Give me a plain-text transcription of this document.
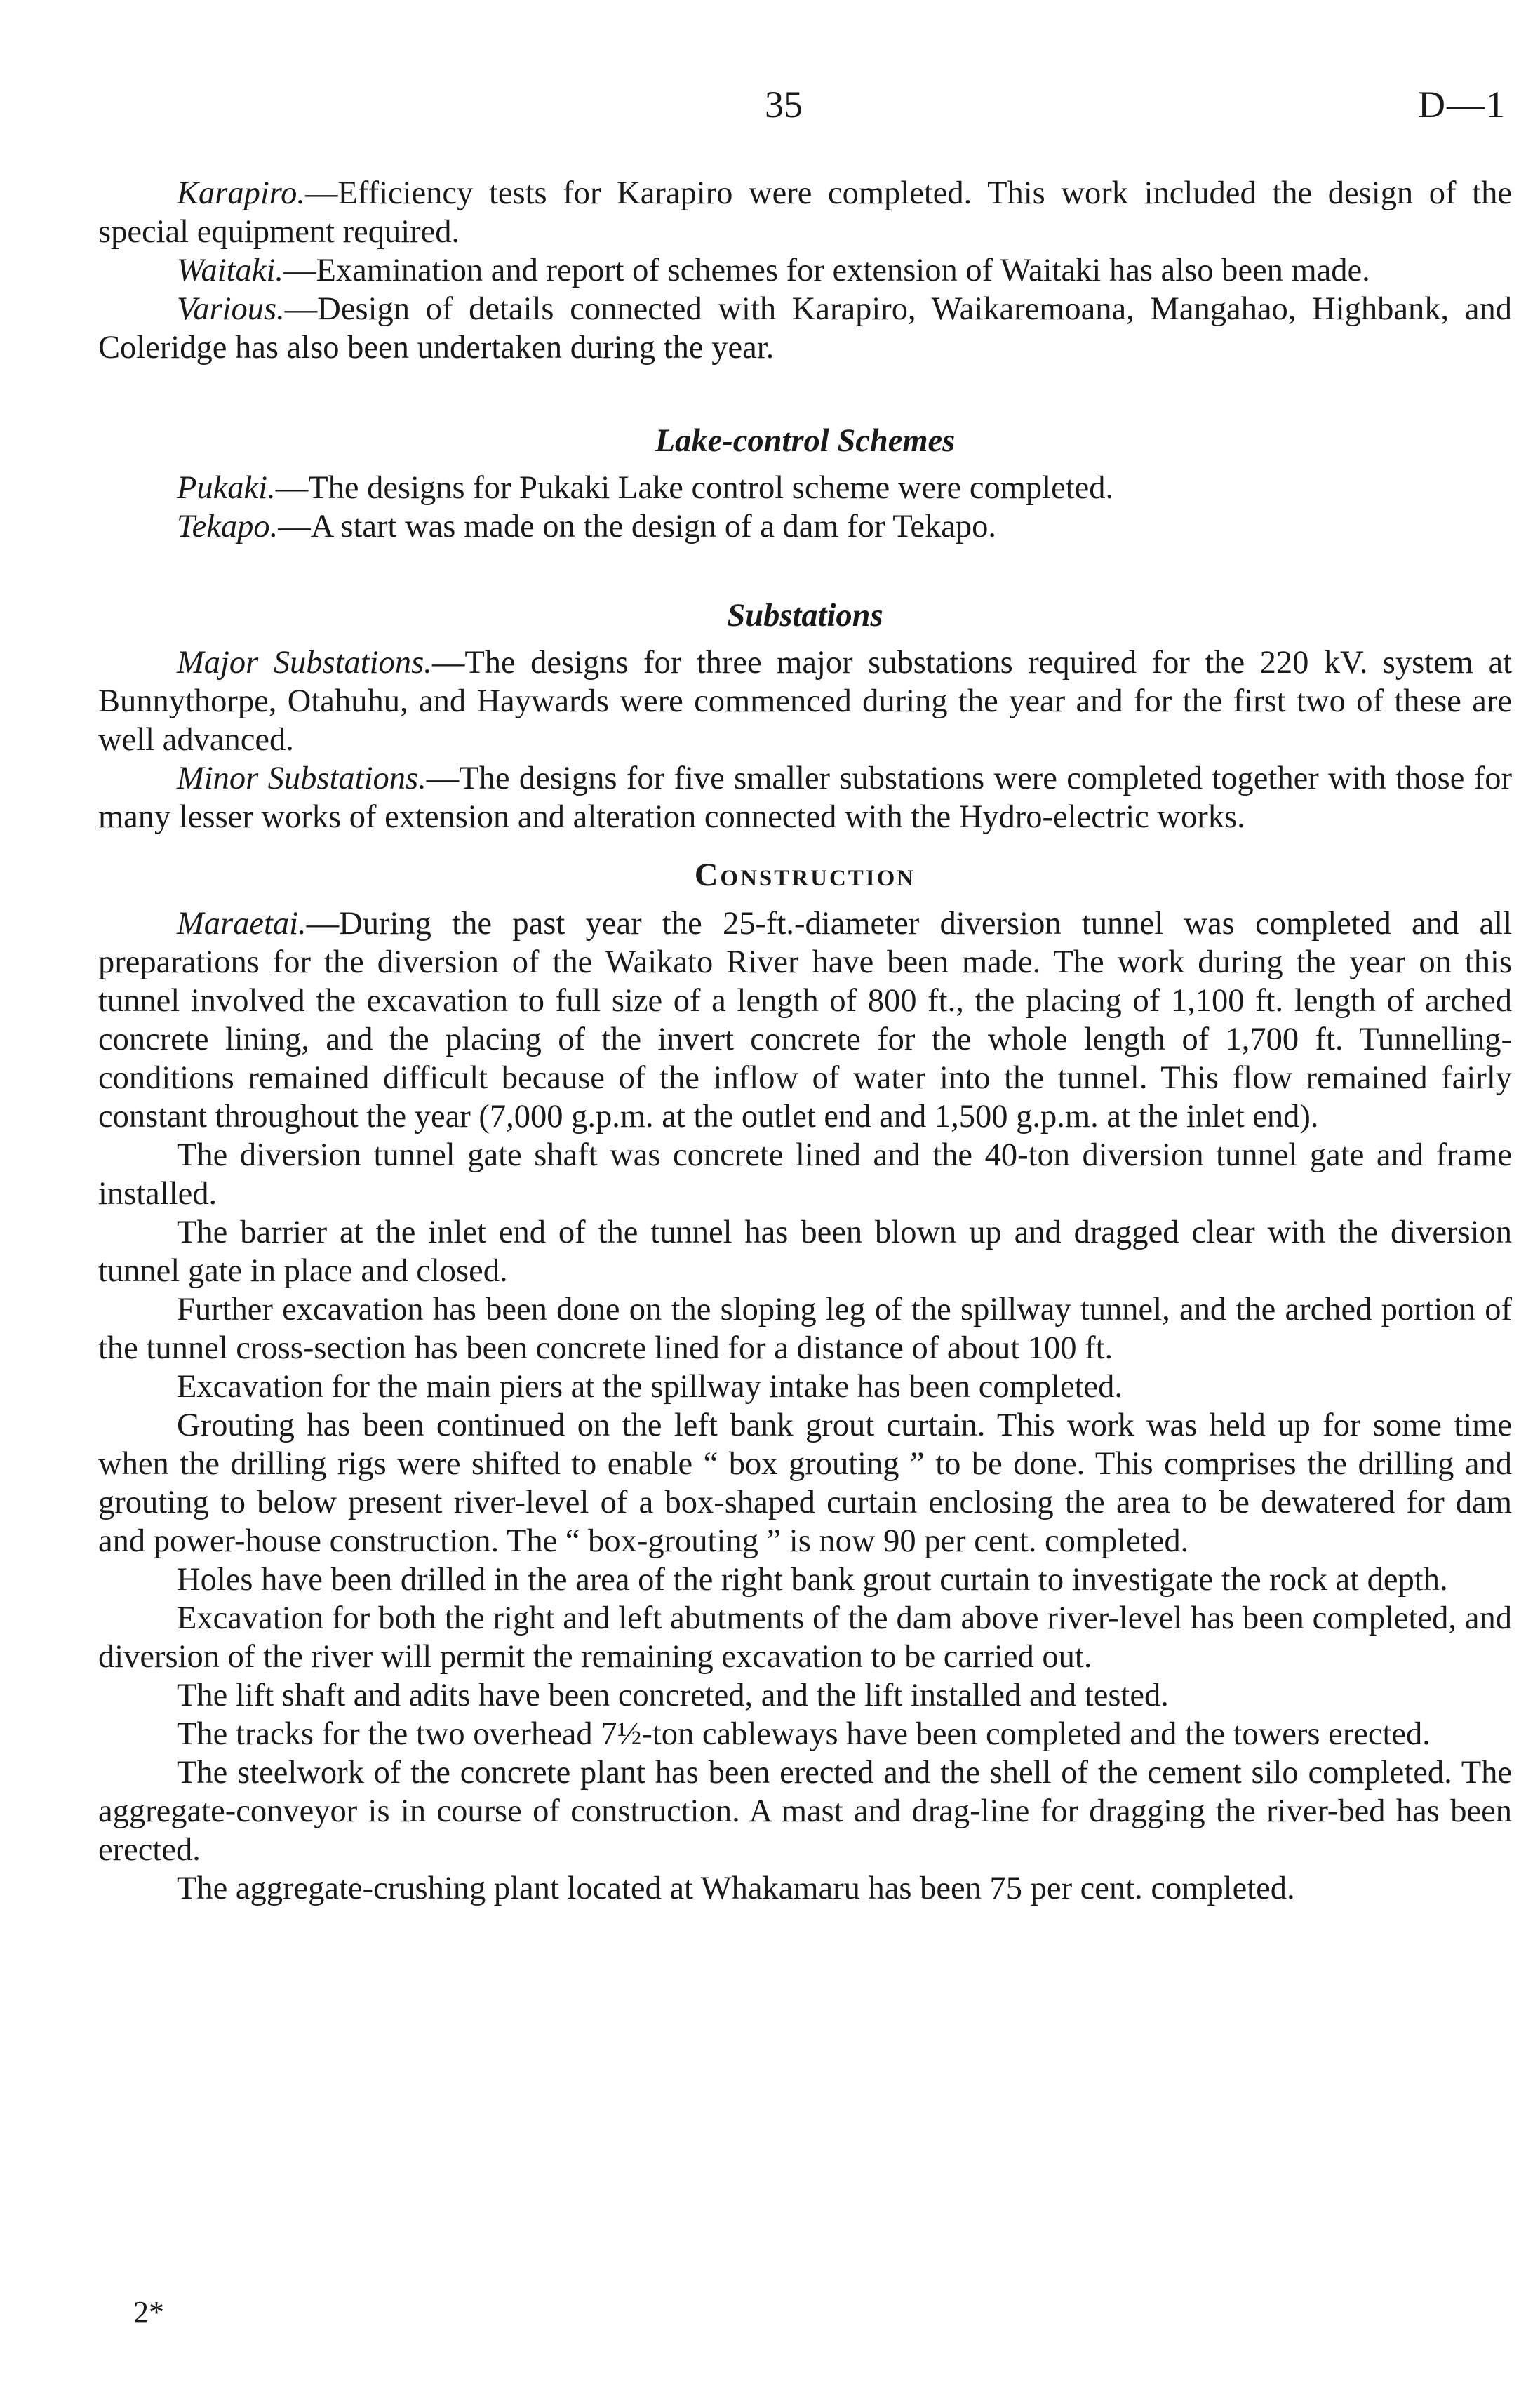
35	D—1

Karapiro.—Efficiency tests for Karapiro were completed. This work included the design of the special equipment required.

Waitaki.—Examination and report of schemes for extension of Waitaki has also been made.

Various.—Design of details connected with Karapiro, Waikaremoana, Mangahao, Highbank, and Coleridge has also been undertaken during the year.

Lake-control Schemes

Pukaki.—The designs for Pukaki Lake control scheme were completed.

Tekapo.—A start was made on the design of a dam for Tekapo.

Substations

Major Substations.—The designs for three major substations required for the 220 kV. system at Bunnythorpe, Otahuhu, and Haywards were commenced during the year and for the first two of these are well advanced.

Minor Substations.—The designs for five smaller substations were completed together with those for many lesser works of extension and alteration connected with the Hydro-electric works.

Construction

Maraetai.—During the past year the 25-ft.-diameter diversion tunnel was completed and all preparations for the diversion of the Waikato River have been made. The work during the year on this tunnel involved the excavation to full size of a length of 800 ft., the placing of 1,100 ft. length of arched concrete lining, and the placing of the invert concrete for the whole length of 1,700 ft. Tunnelling-conditions remained difficult because of the inflow of water into the tunnel. This flow remained fairly constant throughout the year (7,000 g.p.m. at the outlet end and 1,500 g.p.m. at the inlet end).

The diversion tunnel gate shaft was concrete lined and the 40-ton diversion tunnel gate and frame installed.

The barrier at the inlet end of the tunnel has been blown up and dragged clear with the diversion tunnel gate in place and closed.

Further excavation has been done on the sloping leg of the spillway tunnel, and the arched portion of the tunnel cross-section has been concrete lined for a distance of about 100 ft.

Excavation for the main piers at the spillway intake has been completed.

Grouting has been continued on the left bank grout curtain. This work was held up for some time when the drilling rigs were shifted to enable “ box grouting ” to be done. This comprises the drilling and grouting to below present river-level of a box-shaped curtain enclosing the area to be dewatered for dam and power-house construction. The “ box-grouting ” is now 90 per cent. completed.

Holes have been drilled in the area of the right bank grout curtain to investigate the rock at depth.

Excavation for both the right and left abutments of the dam above river-level has been completed, and diversion of the river will permit the remaining excavation to be carried out.

The lift shaft and adits have been concreted, and the lift installed and tested.

The tracks for the two overhead 7½-ton cableways have been completed and the towers erected.

The steelwork of the concrete plant has been erected and the shell of the cement silo completed. The aggregate-conveyor is in course of construction. A mast and drag-line for dragging the river-bed has been erected.

The aggregate-crushing plant located at Whakamaru has been 75 per cent. completed.

2*
